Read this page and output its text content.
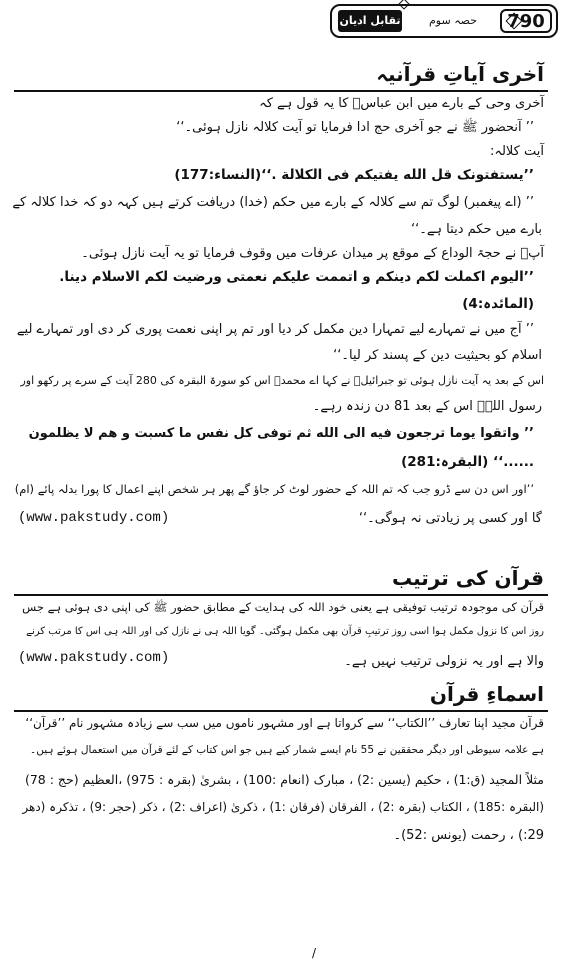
تقابل ادیان	حصہ سوم	790
آخری آیاتِ قرآنیہ
آخری وحی کے بارے میں ابن عباسؓ کا یہ قول ہے کہ
’’ آنحضور ﷺ نے جو آخری حج ادا فرمایا تو آیت کلالہ نازل ہوئی۔‘‘
آیت کلالہ:
’’یستفتونک قل الله یفتیکم فی الکلالة .‘‘(النساء:177)
’’ (اے پیغمبر) لوگ تم سے کلالہ کے بارے میں حکم (خدا) دریافت کرتے ہیں کہہ دو کہ خدا کلالہ کے
بارے میں حکم دیتا ہے۔‘‘
آپؐ نے حجۃ الوداع کے موقع پر میدان عرفات میں وقوف فرمایا تو یہ آیت نازل ہوئی۔
’’الیوم اکملت لکم دینکم و اتممت علیکم نعمتی ورضیت لکم الاسلام دینا.
(المائدہ:4)
’’ آج میں نے تمہارے لیے تمہارا دین مکمل کر دیا اور تم پر اپنی نعمت پوری کر دی اور تمہارے لیے
اسلام کو بحیثیت دین کے پسند کر لیا۔‘‘
اس کے بعد یہ آیت نازل ہوئی تو جبرائیلؑ نے کہا اے محمدؐ اس کو سورۃ البقرہ کی 280 آیت کے سرے پر رکھو اور
رسول اللہؐ اس کے بعد 81 دن زندہ رہے۔
’’ واتقوا یوما ترجعون فیه الی الله ثم توفی کل نفس ما کسبت و هم لا یظلمون
......‘‘ (البقرہ:281)
’’اور اس دن سے ڈرو جب کہ تم اللہ کے حضور لوٹ کر جاؤ گے پھر ہر شخص اپنے اعمال کا پورا بدلہ پائے (ام)
(www.pakstudy.com)	گا اور کسی پر زیادتی نہ ہوگی۔‘‘
قرآن کی ترتیب
قرآن کی موجودہ ترتیب توفیقی ہے یعنی خود اللہ کی ہدایت کے مطابق حضور ﷺ کی اپنی دی ہوئی ہے جس
روز اس کا نزول مکمل ہوا اسی روز ترتیبِ قرآن بھی مکمل ہوگئی۔ گویا اللہ ہی نے نازل کی اور اللہ ہی اس کا مرتب کرنے
(www.pakstudy.com)	والا ہے اور یہ نزولی ترتیب نہیں ہے۔
اسماءِ قرآن
قرآن مجید اپنا تعارف ’’الکتاب‘‘ سے کرواتا ہے اور مشہور ناموں میں سب سے زیادہ مشہور نام ’’قرآن‘‘
ہے علامہ سیوطی اور دیگر محققین نے 55 نام ایسے شمار کیے ہیں جو اس کتاب کے لئے قرآن میں استعمال ہوئے ہیں۔
مثلاً المجید (ق:1) ، حکیم (یسین :2) ، مبارک (انعام :100) ، بشریٰ (بقرہ : 975) ،العظیم (حج : 78)
(البقرہ :185) ، الکتاب (بقرہ :2) ، الفرقان (فرقان :1) ، ذکریٰ (اعراف :2) ، ذکر (حجر :9) ، تذکرہ (دھر
29:) ، رحمت (یونس :52)۔
/
